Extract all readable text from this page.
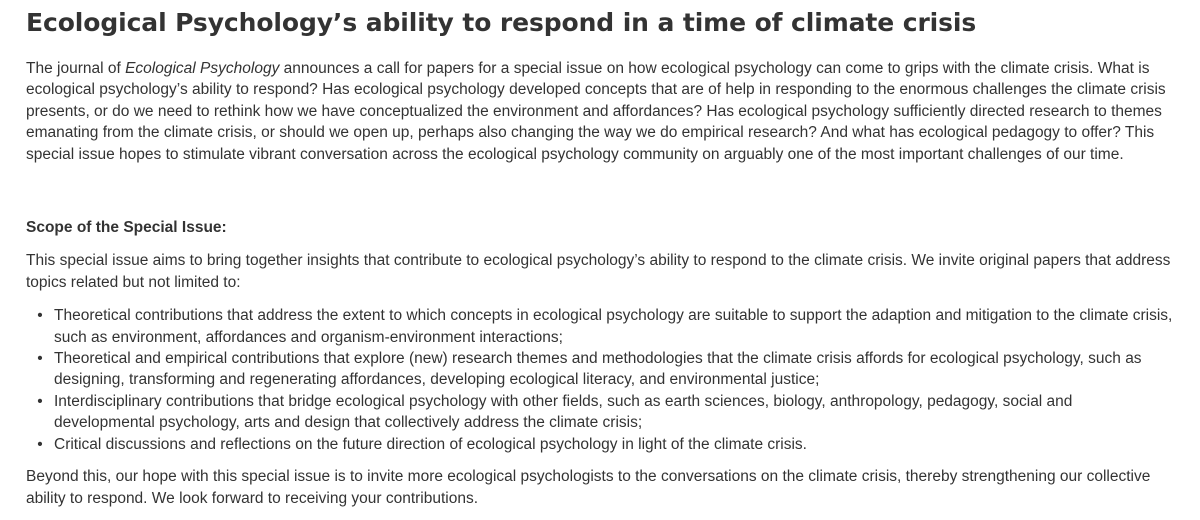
Ecological Psychology’s ability to respond in a time of climate crisis

The journal of Ecological Psychology announces a call for papers for a special issue on how ecological psychology can come to grips with the climate crisis. What is ecological psychology’s ability to respond? Has ecological psychology developed concepts that are of help in responding to the enormous challenges the climate crisis presents, or do we need to rethink how we have conceptualized the environment and affordances? Has ecological psychology sufficiently directed research to themes emanating from the climate crisis, or should we open up, perhaps also changing the way we do empirical research? And what has ecological pedagogy to offer? This special issue hopes to stimulate vibrant conversation across the ecological psychology community on arguably one of the most important challenges of our time.

Scope of the Special Issue:

This special issue aims to bring together insights that contribute to ecological psychology’s ability to respond to the climate crisis. We invite original papers that address topics related but not limited to:

• Theoretical contributions that address the extent to which concepts in ecological psychology are suitable to support the adaption and mitigation to the climate crisis, such as environment, affordances and organism-environment interactions;
• Theoretical and empirical contributions that explore (new) research themes and methodologies that the climate crisis affords for ecological psychology, such as designing, transforming and regenerating affordances, developing ecological literacy, and environmental justice;
• Interdisciplinary contributions that bridge ecological psychology with other fields, such as earth sciences, biology, anthropology, pedagogy, social and developmental psychology, arts and design that collectively address the climate crisis;
• Critical discussions and reflections on the future direction of ecological psychology in light of the climate crisis.

Beyond this, our hope with this special issue is to invite more ecological psychologists to the conversations on the climate crisis, thereby strengthening our collective ability to respond. We look forward to receiving your contributions.
